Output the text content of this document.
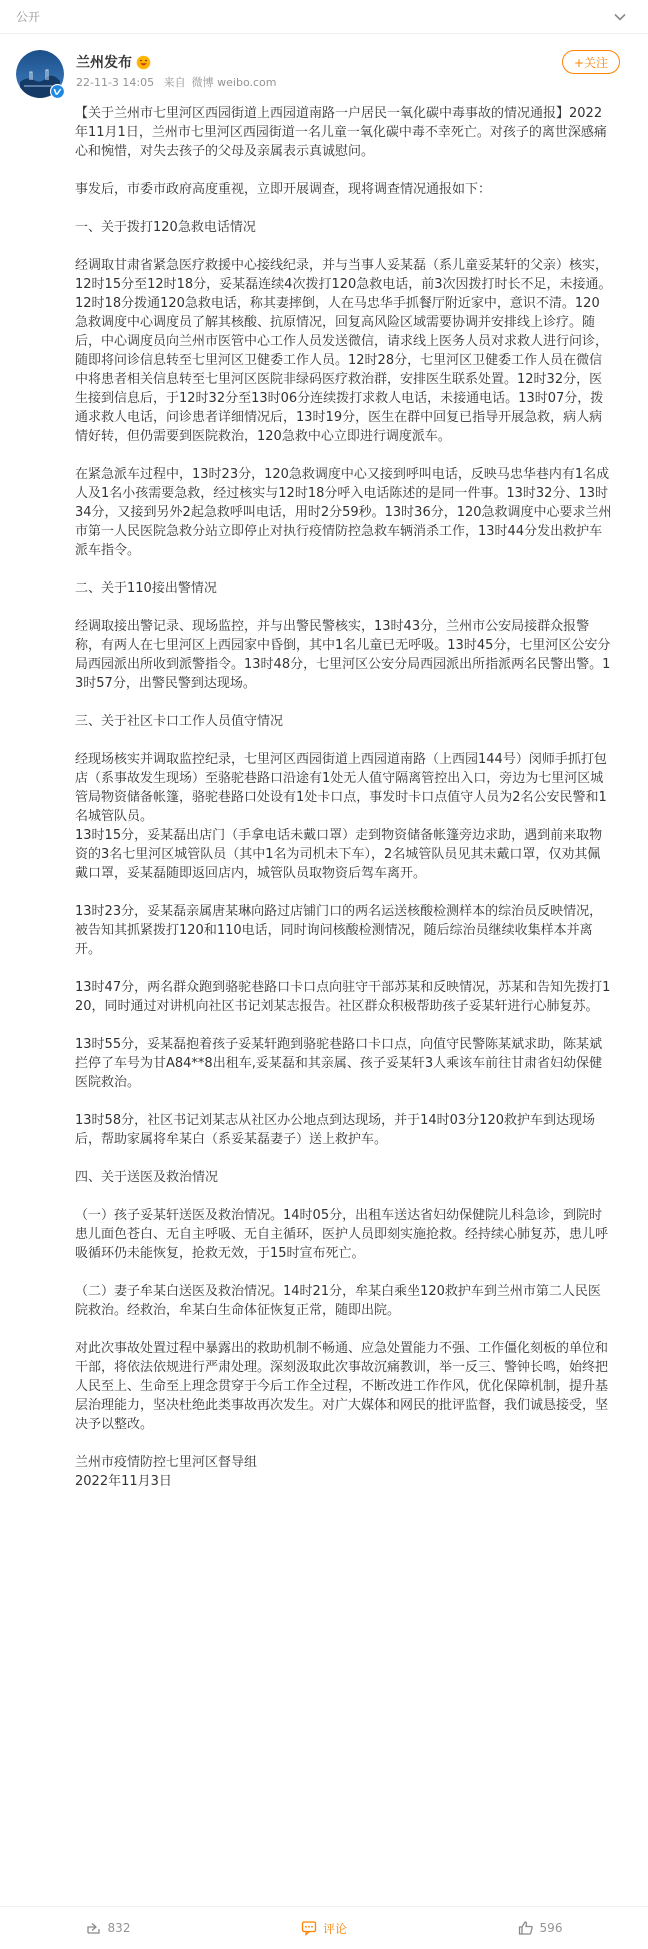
公开
兰州发布
22-11-3 14:05 来自 微博 weibo.com
+关注

【关于兰州市七里河区西园街道上西园道南路一户居民一氧化碳中毒事故的情况通报】2022年11月1日，兰州市七里河区西园街道一名儿童一氧化碳中毒不幸死亡。对孩子的离世深感痛心和惋惜，对失去孩子的父母及亲属表示真诚慰问。

事发后，市委市政府高度重视，立即开展调查，现将调查情况通报如下：

一、关于拨打120急救电话情况

经调取甘肃省紧急医疗救援中心接线纪录，并与当事人妥某磊（系儿童妥某轩的父亲）核实，12时15分至12时18分，妥某磊连续4次拨打120急救电话，前3次因拨打时长不足，未接通。12时18分拨通120急救电话，称其妻摔倒，人在马忠华手抓餐厅附近家中，意识不清。120急救调度中心调度员了解其核酸、抗原情况，回复高风险区域需要协调并安排线上诊疗。随后，中心调度员向兰州市医管中心工作人员发送微信，请求线上医务人员对求救人进行问诊，随即将问诊信息转至七里河区卫健委工作人员。12时28分，七里河区卫健委工作人员在微信中将患者相关信息转至七里河区医院非绿码医疗救治群，安排医生联系处置。12时32分，医生接到信息后，于12时32分至13时06分连续拨打求救人电话，未接通电话。13时07分，拨通求救人电话，问诊患者详细情况后，13时19分，医生在群中回复已指导开展急救，病人病情好转，但仍需要到医院救治，120急救中心立即进行调度派车。

在紧急派车过程中，13时23分，120急救调度中心又接到呼叫电话，反映马忠华巷内有1名成人及1名小孩需要急救，经过核实与12时18分呼入电话陈述的是同一件事。13时32分、13时34分，又接到另外2起急救呼叫电话，用时2分59秒。13时36分，120急救调度中心要求兰州市第一人民医院急救分站立即停止对执行疫情防控急救车辆消杀工作，13时44分发出救护车派车指令。

二、关于110接出警情况

经调取接出警记录、现场监控，并与出警民警核实，13时43分，兰州市公安局接群众报警称，有两人在七里河区上西园家中昏倒，其中1名儿童已无呼吸。13时45分，七里河区公安分局西园派出所收到派警指令。13时48分，七里河区公安分局西园派出所指派两名民警出警。13时57分，出警民警到达现场。

三、关于社区卡口工作人员值守情况

经现场核实并调取监控纪录，七里河区西园街道上西园道南路（上西园144号）闵师手抓打包店（系事故发生现场）至骆驼巷路口沿途有1处无人值守隔离管控出入口，旁边为七里河区城管局物资储备帐篷，骆驼巷路口处设有1处卡口点，事发时卡口点值守人员为2名公安民警和1名城管队员。

13时15分，妥某磊出店门（手拿电话未戴口罩）走到物资储备帐篷旁边求助，遇到前来取物资的3名七里河区城管队员（其中1名为司机未下车），2名城管队员见其未戴口罩，仅劝其佩戴口罩，妥某磊随即返回店内，城管队员取物资后驾车离开。

13时23分，妥某磊亲属唐某琳向路过店铺门口的两名运送核酸检测样本的综治员反映情况，被告知其抓紧拨打120和110电话，同时询问核酸检测情况，随后综治员继续收集样本并离开。

13时47分，两名群众跑到骆驼巷路口卡口点向驻守干部苏某和反映情况，苏某和告知先拨打120，同时通过对讲机向社区书记刘某志报告。社区群众积极帮助孩子妥某轩进行心肺复苏。

13时55分，妥某磊抱着孩子妥某轩跑到骆驼巷路口卡口点，向值守民警陈某斌求助，陈某斌拦停了车号为甘A84**8出租车,妥某磊和其亲属、孩子妥某轩3人乘该车前往甘肃省妇幼保健医院救治。

13时58分，社区书记刘某志从社区办公地点到达现场，并于14时03分120救护车到达现场后，帮助家属将牟某白（系妥某磊妻子）送上救护车。

四、关于送医及救治情况

（一）孩子妥某轩送医及救治情况。14时05分，出租车送达省妇幼保健院儿科急诊，到院时患儿面色苍白、无自主呼吸、无自主循环，医护人员即刻实施抢救。经持续心肺复苏，患儿呼吸循环仍未能恢复，抢救无效，于15时宣布死亡。

（二）妻子牟某白送医及救治情况。14时21分，牟某白乘坐120救护车到兰州市第二人民医院救治。经救治，牟某白生命体征恢复正常，随即出院。

对此次事故处置过程中暴露出的救助机制不畅通、应急处置能力不强、工作僵化刻板的单位和干部，将依法依规进行严肃处理。深刻汲取此次事故沉痛教训，举一反三、警钟长鸣，始终把人民至上、生命至上理念贯穿于今后工作全过程，不断改进工作作风，优化保障机制，提升基层治理能力，坚决杜绝此类事故再次发生。对广大媒体和网民的批评监督，我们诚恳接受，坚决予以整改。

兰州市疫情防控七里河区督导组

2022年11月3日

832	评论	596
